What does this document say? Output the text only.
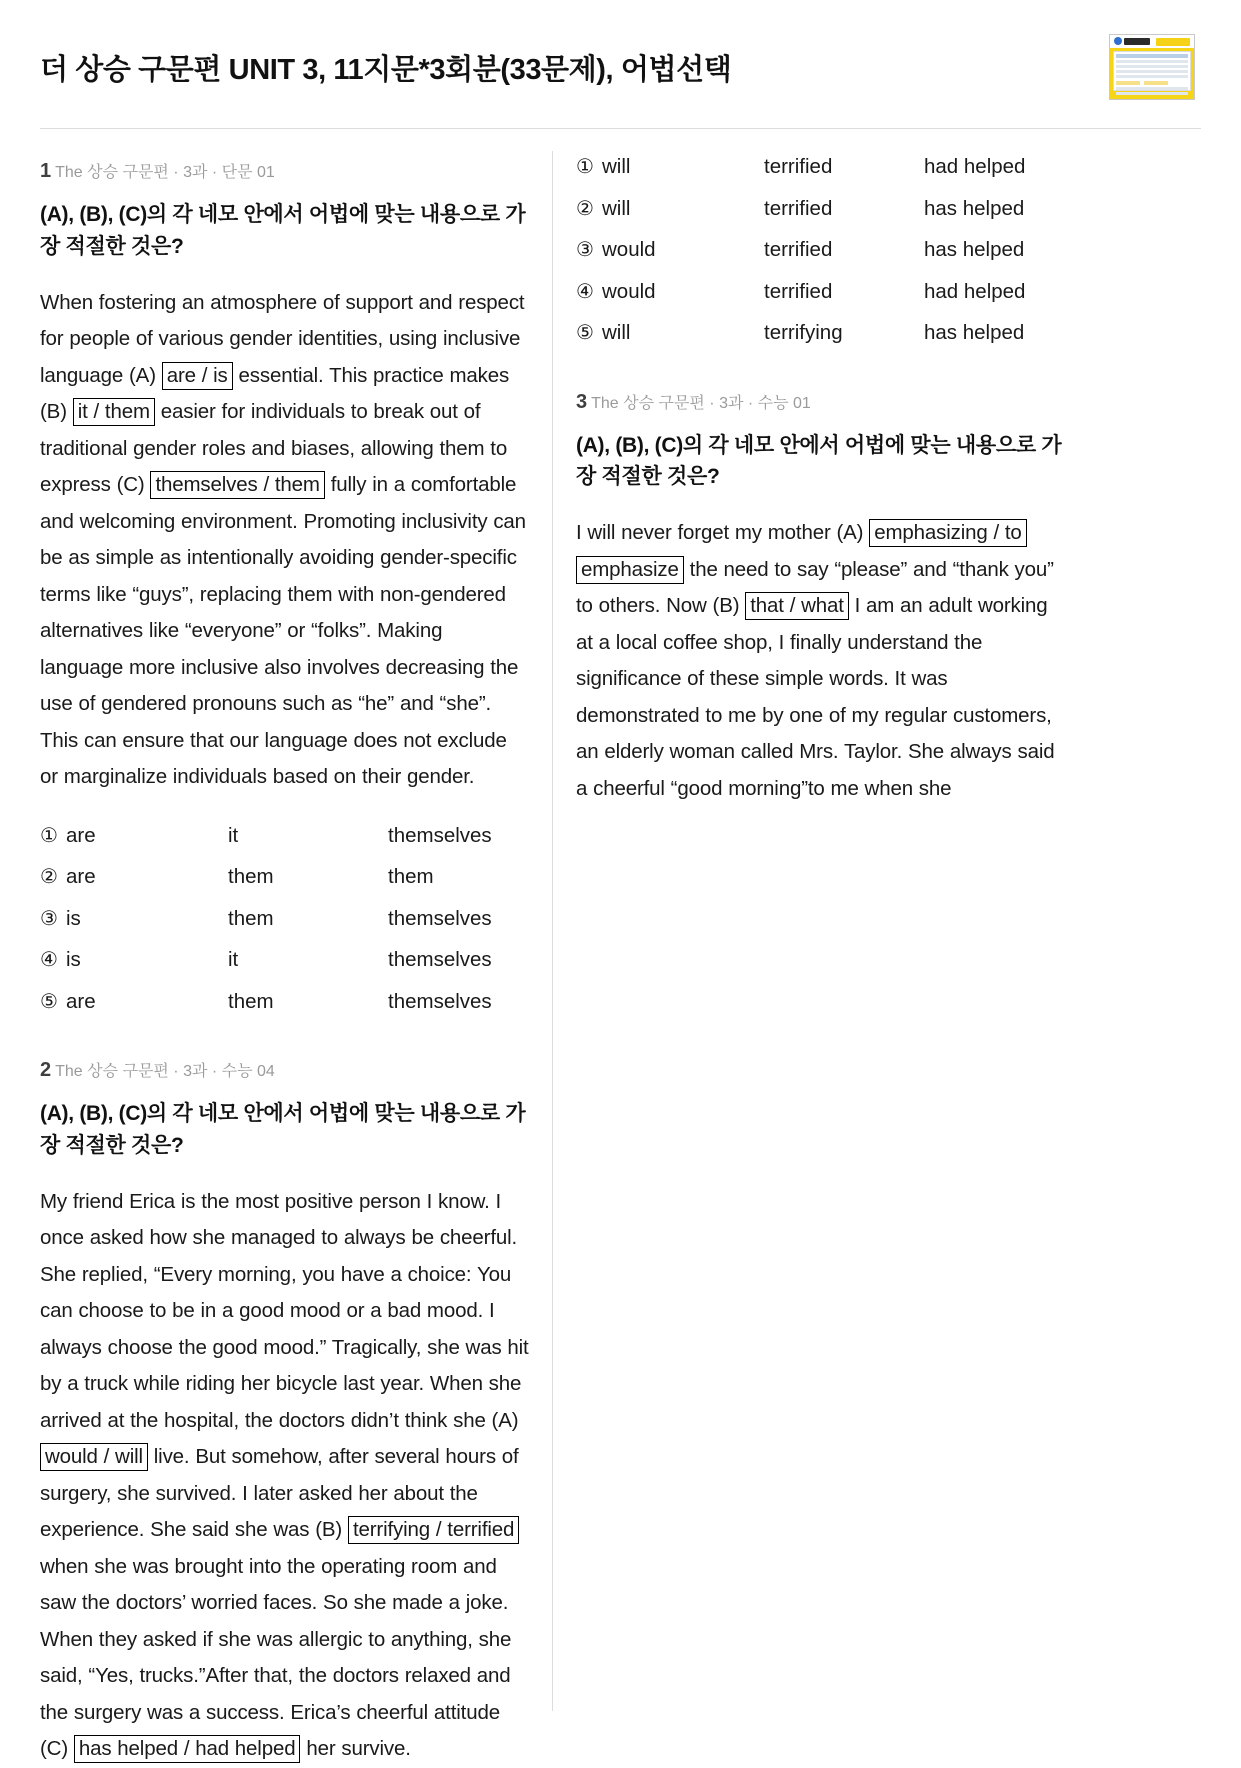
더 상승 구문편 UNIT 3, 11지문*3회분(33문제), 어법선택
1 The 상승 구문편 · 3과 · 단문 01
(A), (B), (C)의 각 네모 안에서 어법에 맞는 내용으로 가장 적절한 것은?
When fostering an atmosphere of support and respect for people of various gender identities, using inclusive language (A) are / is essential. This practice makes (B) it / them easier for individuals to break out of traditional gender roles and biases, allowing them to express (C) themselves / them fully in a comfortable and welcoming environment. Promoting inclusivity can be as simple as intentionally avoiding gender-specific terms like “guys”, replacing them with non-gendered alternatives like “everyone” or “folks”. Making language more inclusive also involves decreasing the use of gendered pronouns such as “he” and “she”. This can ensure that our language does not exclude or marginalize individuals based on their gender.
① are	it	themselves
② are	them	them
③ is	them	themselves
④ is	it	themselves
⑤ are	them	themselves
2 The 상승 구문편 · 3과 · 수능 04
(A), (B), (C)의 각 네모 안에서 어법에 맞는 내용으로 가장 적절한 것은?
My friend Erica is the most positive person I know. I once asked how she managed to always be cheerful. She replied, “Every morning, you have a choice: You can choose to be in a good mood or a bad mood. I always choose the good mood.” Tragically, she was hit by a truck while riding her bicycle last year. When she arrived at the hospital, the doctors didn’t think she (A) would / will live. But somehow, after several hours of surgery, she survived. I later asked her about the experience. She said she was (B) terrifying / terrified when she was brought into the operating room and saw the doctors’ worried faces. So she made a joke. When they asked if she was allergic to anything, she said, “Yes, trucks.”After that, the doctors relaxed and the surgery was a success. Erica’s cheerful attitude (C) has helped / had helped her survive.
① will	terrified	had helped
② will	terrified	has helped
③ would	terrified	has helped
④ would	terrified	had helped
⑤ will	terrifying	has helped
3 The 상승 구문편 · 3과 · 수능 01
(A), (B), (C)의 각 네모 안에서 어법에 맞는 내용으로 가장 적절한 것은?
I will never forget my mother (A) emphasizing / to emphasize the need to say “please” and “thank you” to others. Now (B) that / what I am an adult working at a local coffee shop, I finally understand the significance of these simple words. It was demonstrated to me by one of my regular customers, an elderly woman called Mrs. Taylor. She always said a cheerful “good morning”to me when she
